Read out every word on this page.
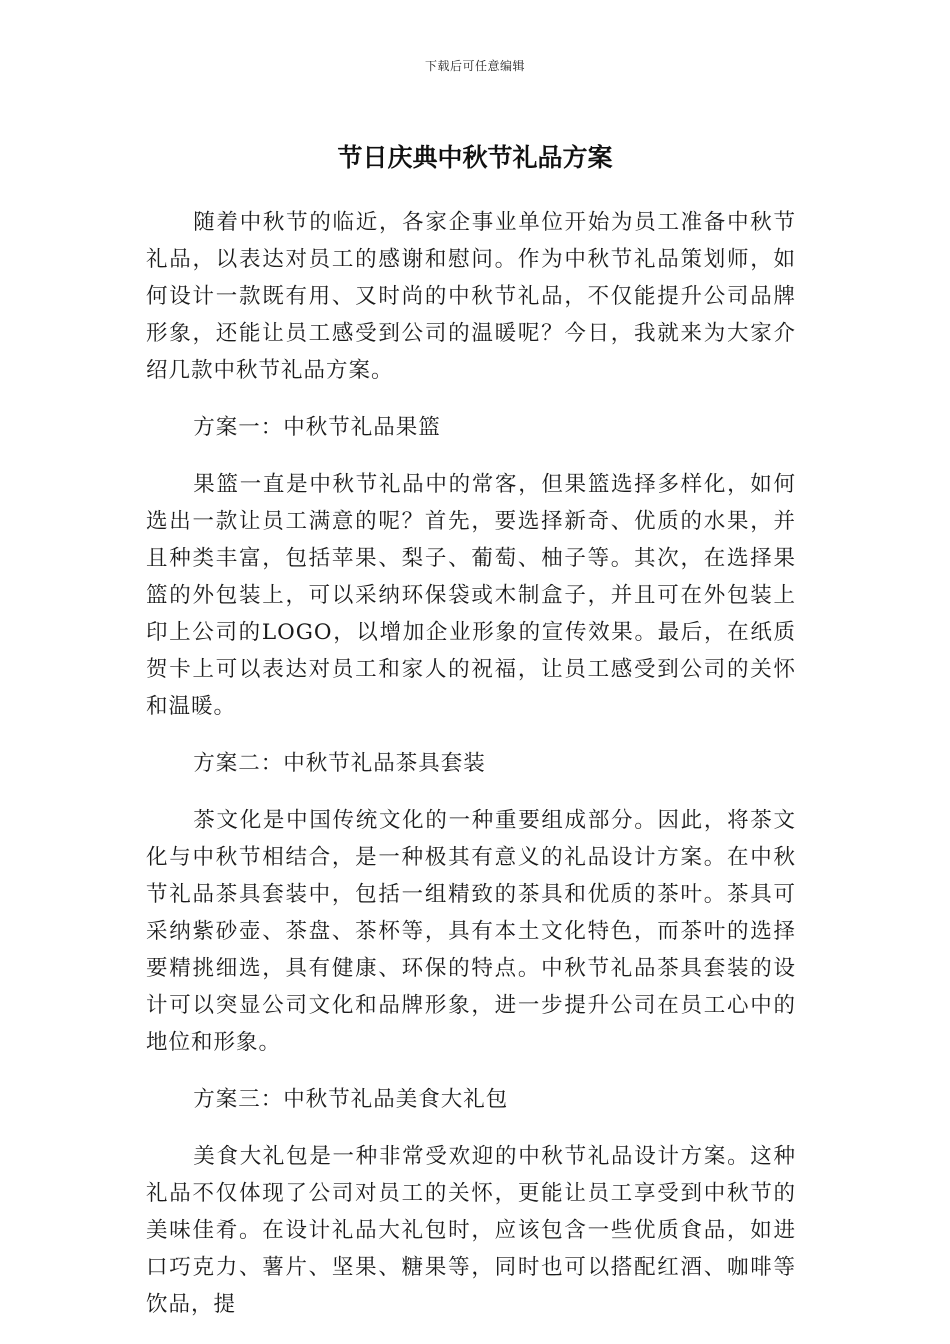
下载后可任意编辑
节日庆典中秋节礼品方案

随着中秋节的临近，各家企事业单位开始为员工准备中秋节礼品，以表达对员工的感谢和慰问。作为中秋节礼品策划师，如何设计一款既有用、又时尚的中秋节礼品，不仅能提升公司品牌形象，还能让员工感受到公司的温暖呢？今日，我就来为大家介绍几款中秋节礼品方案。

方案一：中秋节礼品果篮

果篮一直是中秋节礼品中的常客，但果篮选择多样化，如何选出一款让员工满意的呢？首先，要选择新奇、优质的水果，并且种类丰富，包括苹果、梨子、葡萄、柚子等。其次，在选择果篮的外包装上，可以采纳环保袋或木制盒子，并且可在外包装上印上公司的LOGO，以增加企业形象的宣传效果。最后，在纸质贺卡上可以表达对员工和家人的祝福，让员工感受到公司的关怀和温暖。

方案二：中秋节礼品茶具套装

茶文化是中国传统文化的一种重要组成部分。因此，将茶文化与中秋节相结合，是一种极其有意义的礼品设计方案。在中秋节礼品茶具套装中，包括一组精致的茶具和优质的茶叶。茶具可采纳紫砂壶、茶盘、茶杯等，具有本土文化特色，而茶叶的选择要精挑细选，具有健康、环保的特点。中秋节礼品茶具套装的设计可以突显公司文化和品牌形象，进一步提升公司在员工心中的地位和形象。

方案三：中秋节礼品美食大礼包

美食大礼包是一种非常受欢迎的中秋节礼品设计方案。这种礼品不仅体现了公司对员工的关怀，更能让员工享受到中秋节的美味佳肴。在设计礼品大礼包时，应该包含一些优质食品，如进口巧克力、薯片、坚果、糖果等，同时也可以搭配红酒、咖啡等饮品，提
